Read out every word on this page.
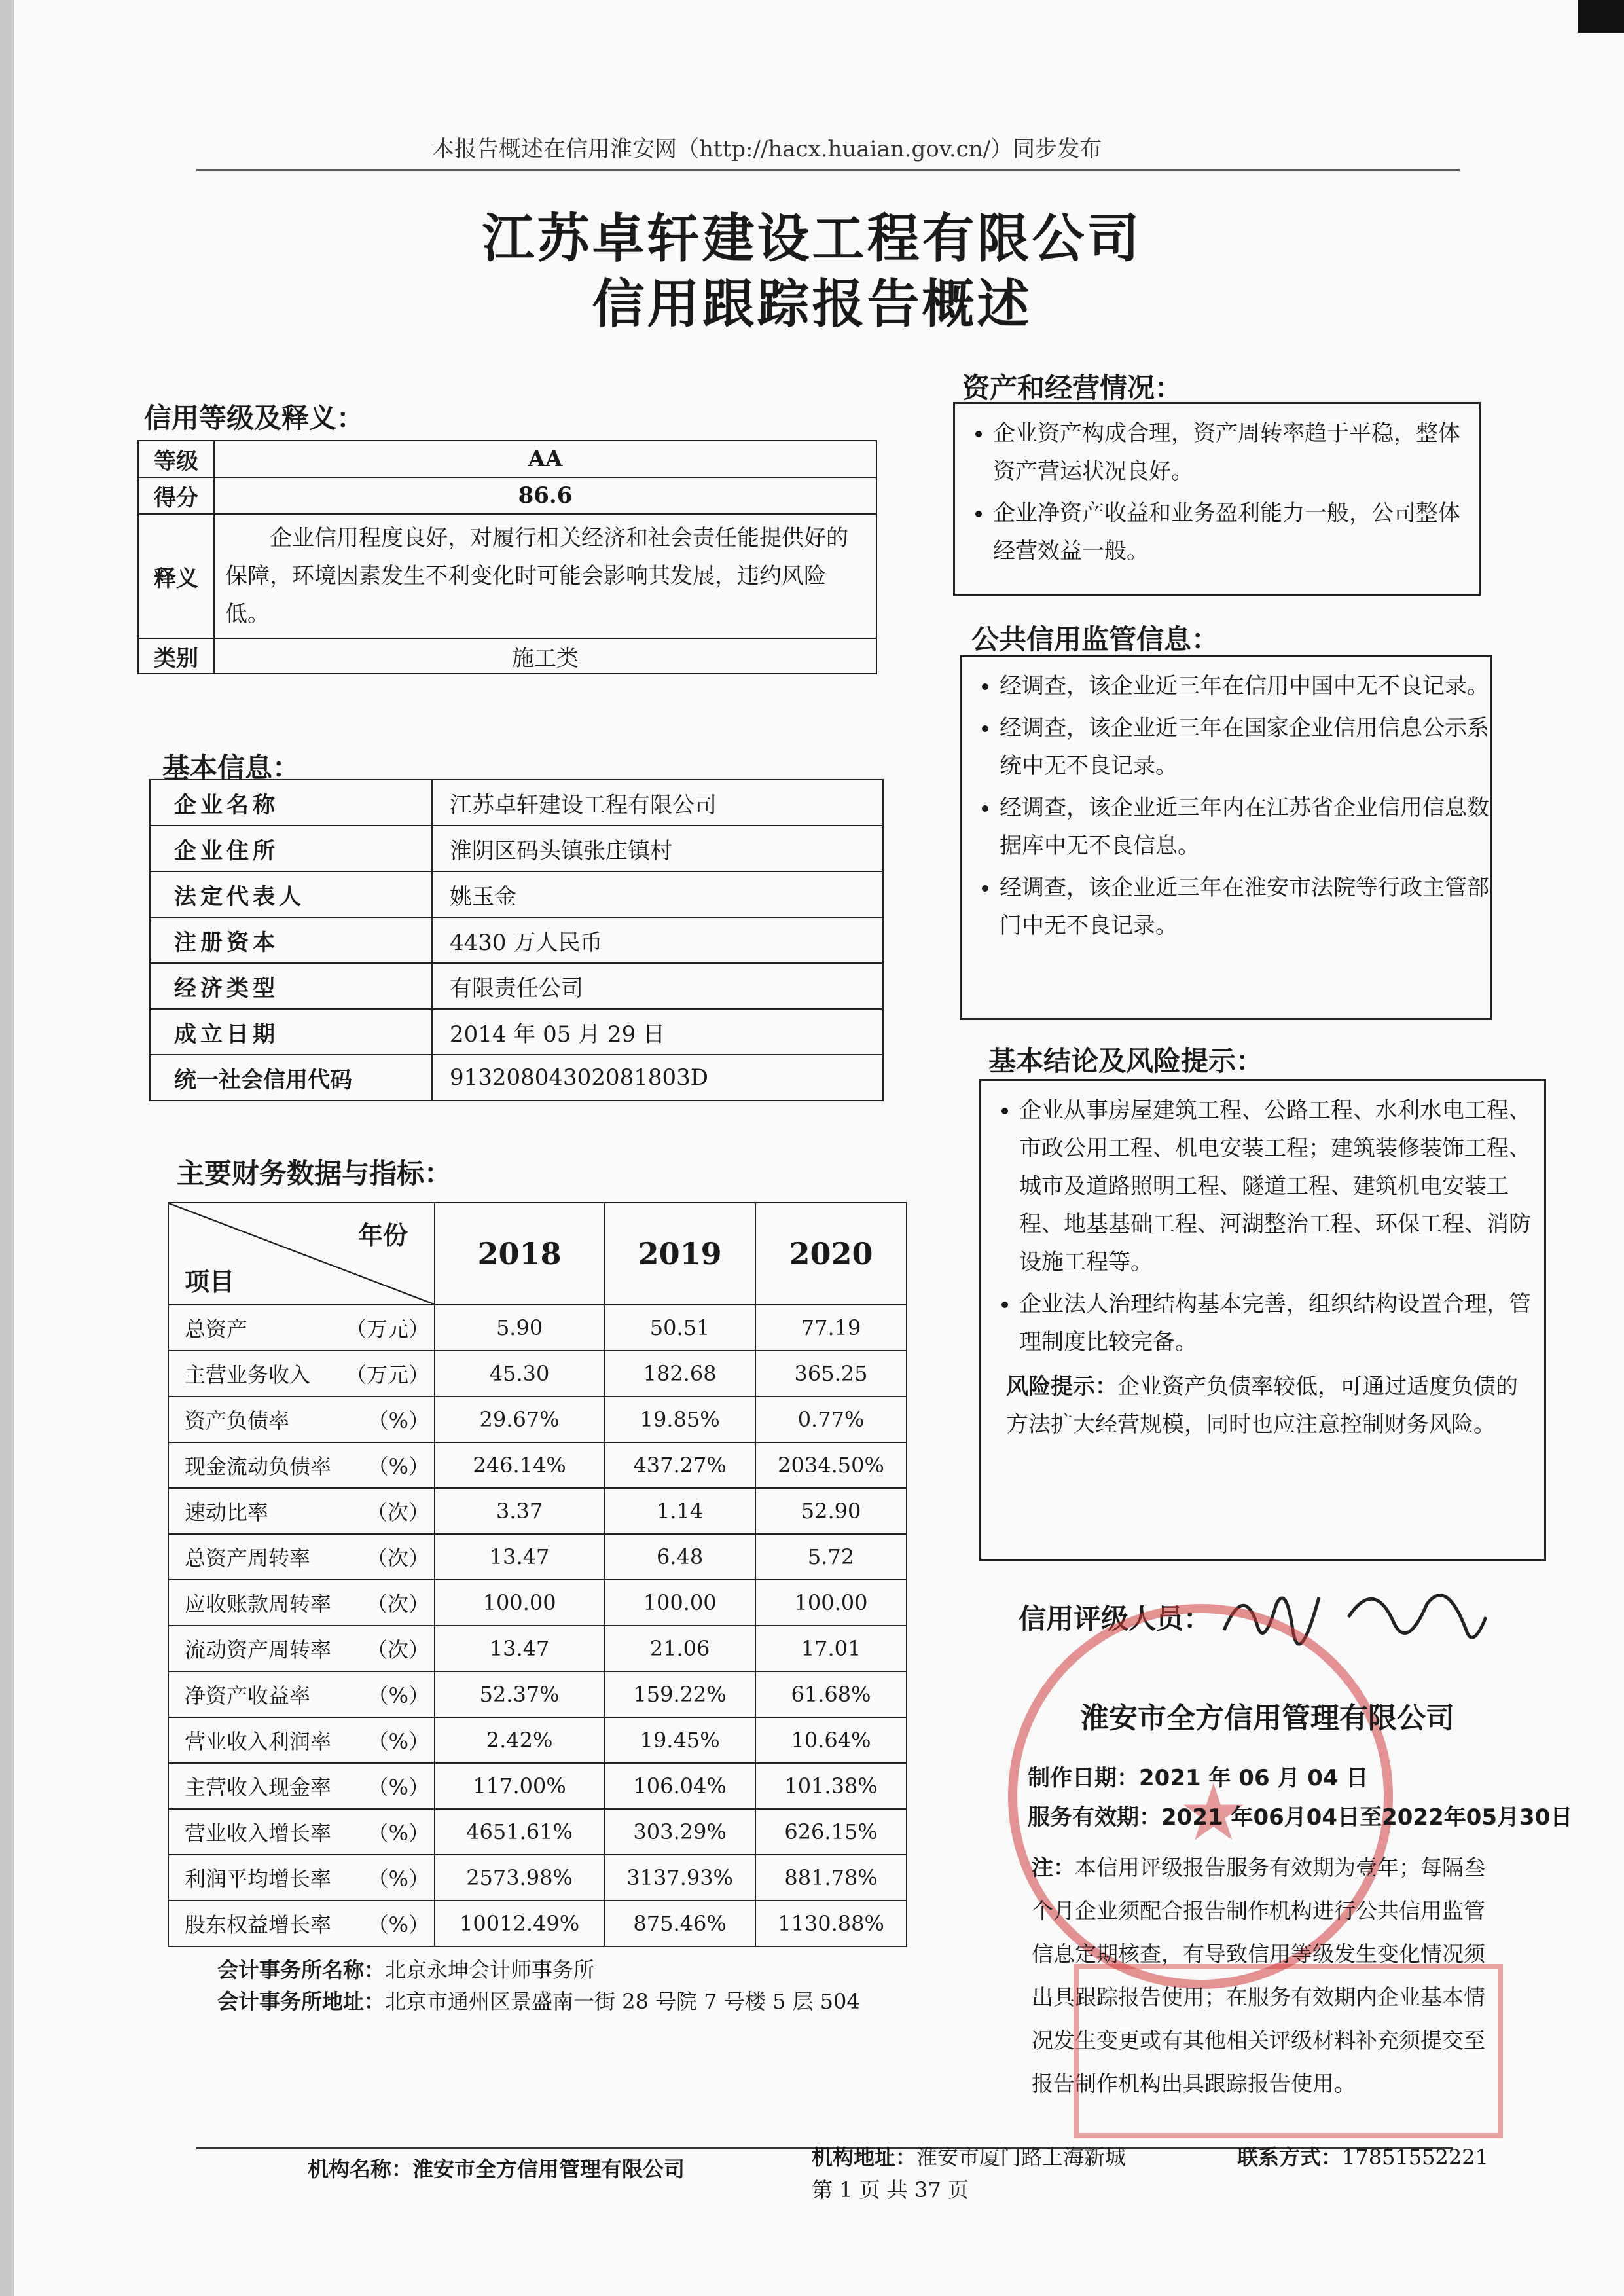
本报告概述在信用淮安网（http://hacx.huaian.gov.cn/）同步发布
江苏卓轩建设工程有限公司
信用跟踪报告概述
信用等级及释义：
等级	AA
得分	86.6
释义	企业信用程度良好，对履行相关经济和社会责任能提供好的保障，环境因素发生不利变化时可能会影响其发展，违约风险低。
类别	施工类
基本信息：
企业名称	江苏卓轩建设工程有限公司
企业住所	淮阴区码头镇张庄镇村
法定代表人	姚玉金
注册资本	4430 万人民币
经济类型	有限责任公司
成立日期	2014 年 05 月 29 日
统一社会信用代码	91320804302081803D
主要财务数据与指标：
年份
项目	2018	2019	2020
总资产 （万元）	5.90	50.51	77.19
主营业务收入 （万元）	45.30	182.68	365.25
资产负债率 （%）	29.67%	19.85%	0.77%
现金流动负债率 （%）	246.14%	437.27%	2034.50%
速动比率 （次）	3.37	1.14	52.90
总资产周转率 （次）	13.47	6.48	5.72
应收账款周转率 （次）	100.00	100.00	100.00
流动资产周转率 （次）	13.47	21.06	17.01
净资产收益率 （%）	52.37%	159.22%	61.68%
营业收入利润率 （%）	2.42%	19.45%	10.64%
主营收入现金率 （%）	117.00%	106.04%	101.38%
营业收入增长率 （%）	4651.61%	303.29%	626.15%
利润平均增长率 （%）	2573.98%	3137.93%	881.78%
股东权益增长率 （%）	10012.49%	875.46%	1130.88%
会计事务所名称：北京永坤会计师事务所
会计事务所地址：北京市通州区景盛南一街 28 号院 7 号楼 5 层 504
资产和经营情况：
• 企业资产构成合理，资产周转率趋于平稳，整体资产营运状况良好。
• 企业净资产收益和业务盈利能力一般，公司整体经营效益一般。
公共信用监管信息：
• 经调查，该企业近三年在信用中国中无不良记录。
• 经调查，该企业近三年在国家企业信用信息公示系统中无不良记录。
• 经调查，该企业近三年内在江苏省企业信用信息数据库中无不良信息。
• 经调查，该企业近三年在淮安市法院等行政主管部门中无不良记录。
基本结论及风险提示：
• 企业从事房屋建筑工程、公路工程、水利水电工程、市政公用工程、机电安装工程；建筑装修装饰工程、城市及道路照明工程、隧道工程、建筑机电安装工程、地基基础工程、河湖整治工程、环保工程、消防设施工程等。
• 企业法人治理结构基本完善，组织结构设置合理，管理制度比较完备。
风险提示：企业资产负债率较低，可通过适度负债的方法扩大经营规模，同时也应注意控制财务风险。
信用评级人员：
★
淮安市全方信用管理有限公司
制作日期：2021 年 06 月 04 日
服务有效期：2021 年06月04日至2022年05月30日
注：本信用评级报告服务有效期为壹年；每隔叁个月企业须配合报告制作机构进行公共信用监管信息定期核查，有导致信用等级发生变化情况须出具跟踪报告使用；在服务有效期内企业基本情况发生变更或有其他相关评级材料补充须提交至报告制作机构出具跟踪报告使用。
机构名称：淮安市全方信用管理有限公司	机构地址：淮安市厦门路上海新城	联系方式：17851552221
第 1 页 共 37 页
